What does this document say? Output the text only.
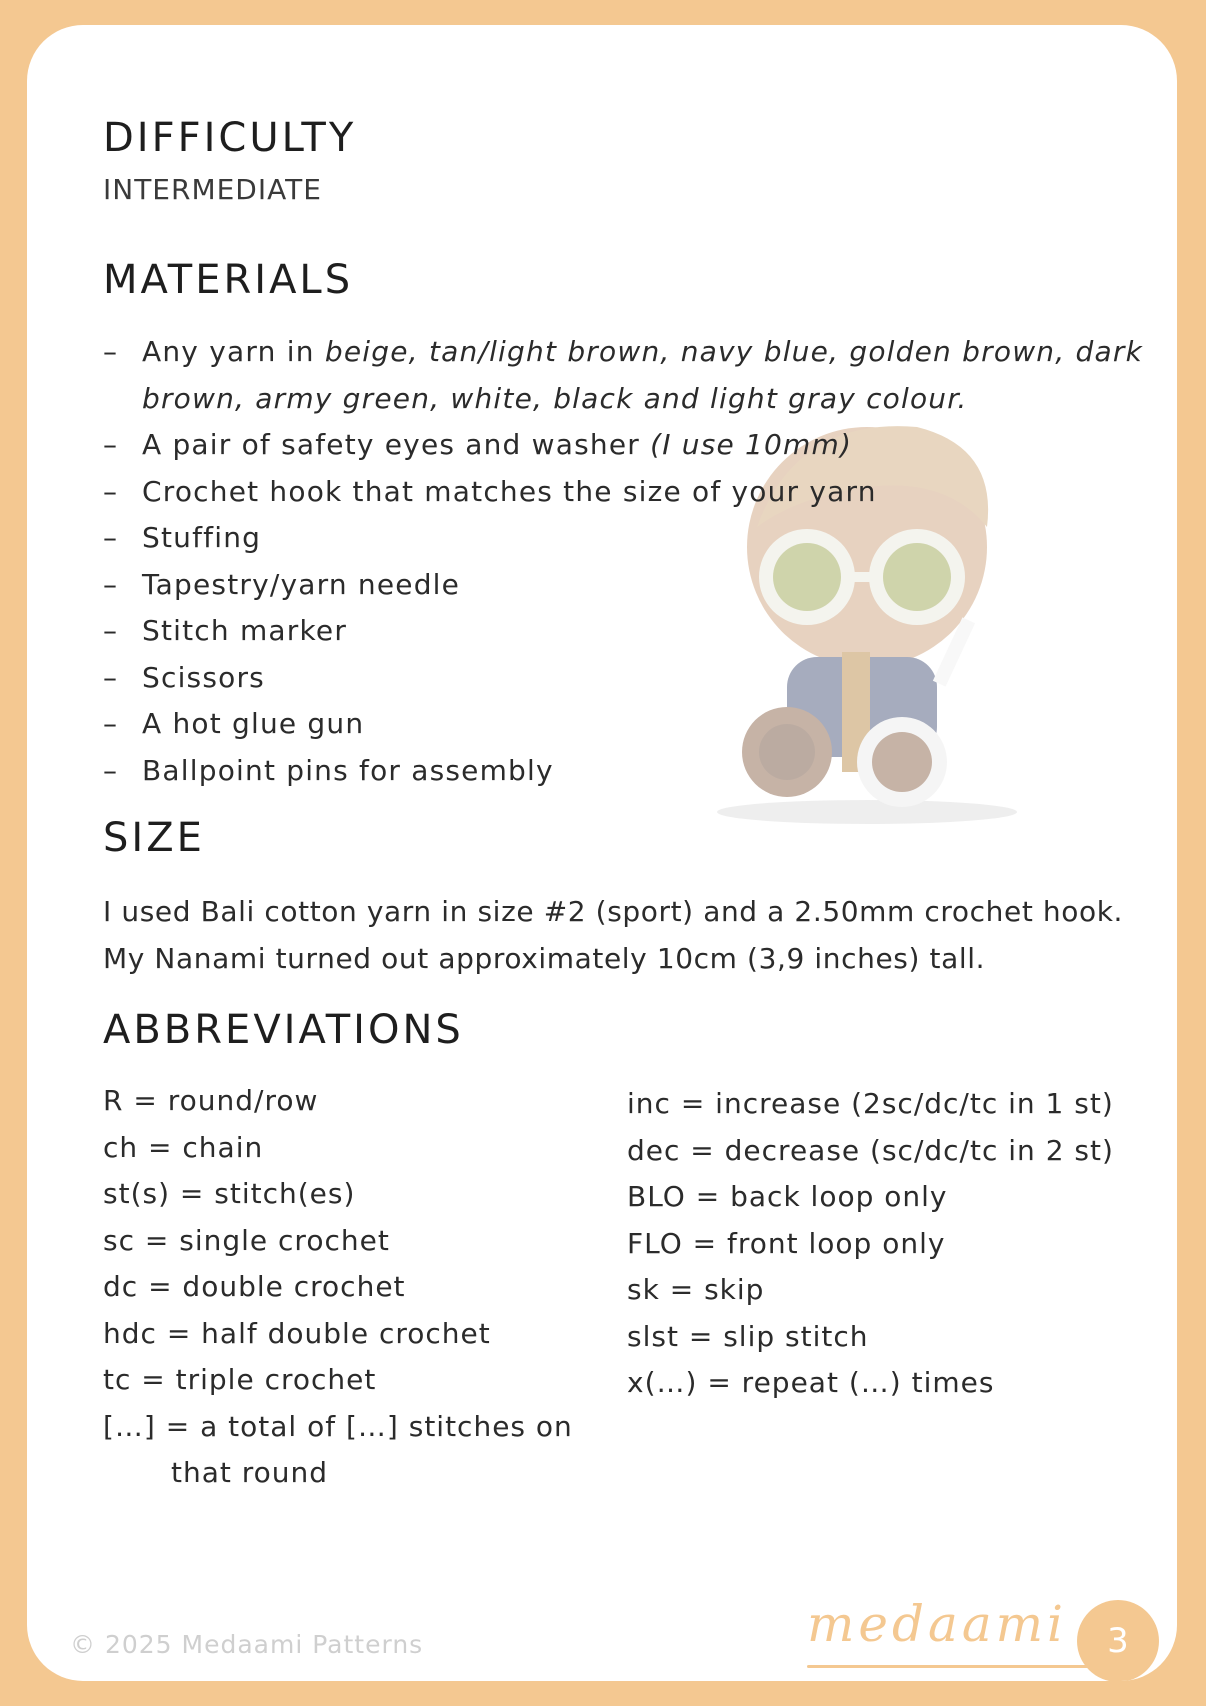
DIFFICULTY
INTERMEDIATE
MATERIALS
– Any yarn in beige, tan/light brown, navy blue, golden brown, dark brown, army green, white, black and light gray colour.
– A pair of safety eyes and washer (I use 10mm)
– Crochet hook that matches the size of your yarn
– Stuffing
– Tapestry/yarn needle
– Stitch marker
– Scissors
– A hot glue gun
– Ballpoint pins for assembly
SIZE
I used Bali cotton yarn in size #2 (sport) and a 2.50mm crochet hook.
My Nanami turned out approximately 10cm (3,9 inches) tall.
ABBREVIATIONS
R = round/row
ch = chain
st(s) = stitch(es)
sc = single crochet
dc = double crochet
hdc = half double crochet
tc = triple crochet
[…] = a total of […] stitches on that round
inc = increase (2sc/dc/tc in 1 st)
dec = decrease (sc/dc/tc in 2 st)
BLO = back loop only
FLO = front loop only
sk = skip
slst = slip stitch
x(…) = repeat (…) times
© 2025 Medaami Patterns	medaami	3
